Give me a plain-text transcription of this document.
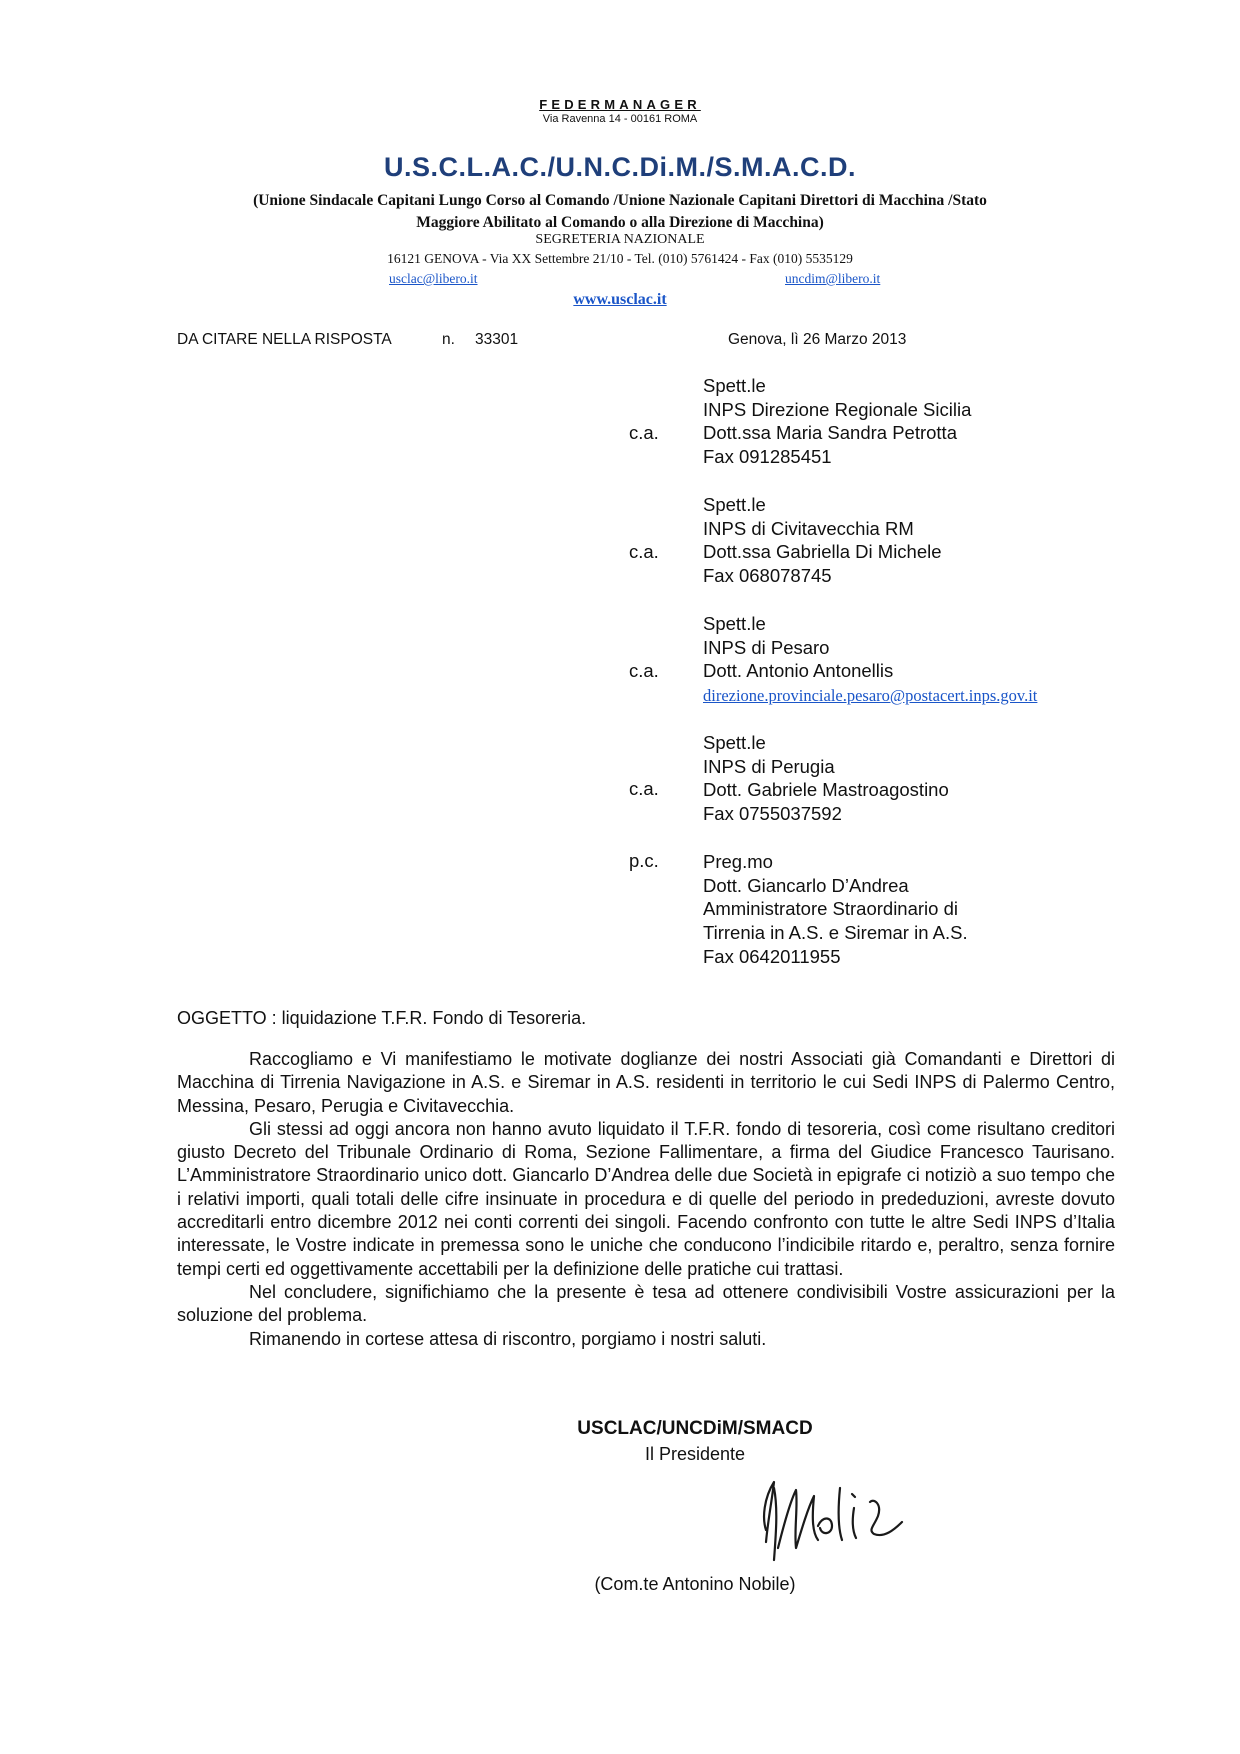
FEDERMANAGER
Via Ravenna 14 - 00161 ROMA
U.S.C.L.A.C./U.N.C.Di.M./S.M.A.C.D.
(Unione Sindacale Capitani Lungo Corso al Comando /Unione Nazionale Capitani Direttori di Macchina /Stato
Maggiore Abilitato al Comando o alla Direzione di Macchina)
SEGRETERIA NAZIONALE
16121 GENOVA - Via XX Settembre 21/10 - Tel. (010) 5761424 - Fax (010) 5535129
usclac@libero.it	uncdim@libero.it
www.usclac.it
DA CITARE NELLA RISPOSTA	n. 33301	Genova, lì 26 Marzo 2013
c.a.
Spett.le
INPS Direzione Regionale Sicilia
Dott.ssa Maria Sandra Petrotta
Fax 091285451
c.a.
Spett.le
INPS di Civitavecchia RM
Dott.ssa Gabriella Di Michele
Fax 068078745
c.a.
Spett.le
INPS di Pesaro
Dott. Antonio Antonellis
direzione.provinciale.pesaro@postacert.inps.gov.it
c.a.
Spett.le
INPS di Perugia
Dott. Gabriele Mastroagostino
Fax 0755037592
p.c. Preg.mo
Dott. Giancarlo D’Andrea
Amministratore Straordinario di
Tirrenia in A.S. e Siremar in A.S.
Fax 0642011955
OGGETTO : liquidazione T.F.R. Fondo di Tesoreria.

Raccogliamo e Vi manifestiamo le motivate doglianze dei nostri Associati già Comandanti e Direttori di Macchina di Tirrenia Navigazione in A.S. e Siremar in A.S. residenti in territorio le cui Sedi INPS di Palermo Centro, Messina, Pesaro, Perugia e Civitavecchia.

Gli stessi ad oggi ancora non hanno avuto liquidato il T.F.R. fondo di tesoreria, così come risultano creditori giusto Decreto del Tribunale Ordinario di Roma, Sezione Fallimentare, a firma del Giudice Francesco Taurisano. L’Amministratore Straordinario unico dott. Giancarlo D’Andrea delle due Società in epigrafe ci notiziò a suo tempo che i relativi importi, quali totali delle cifre insinuate in procedura e di quelle del periodo in prededuzioni, avreste dovuto accreditarli entro dicembre 2012 nei conti correnti dei singoli. Facendo confronto con tutte le altre Sedi INPS d’Italia interessate, le Vostre indicate in premessa sono le uniche che conducono l’indicibile ritardo e, peraltro, senza fornire tempi certi ed oggettivamente accettabili per la definizione delle pratiche cui trattasi.

Nel concludere, significhiamo che la presente è tesa ad ottenere condivisibili Vostre assicurazioni per la soluzione del problema.

Rimanendo in cortese attesa di riscontro, porgiamo i nostri saluti.

USCLAC/UNCDiM/SMACD
Il Presidente
(Com.te Antonino Nobile)
